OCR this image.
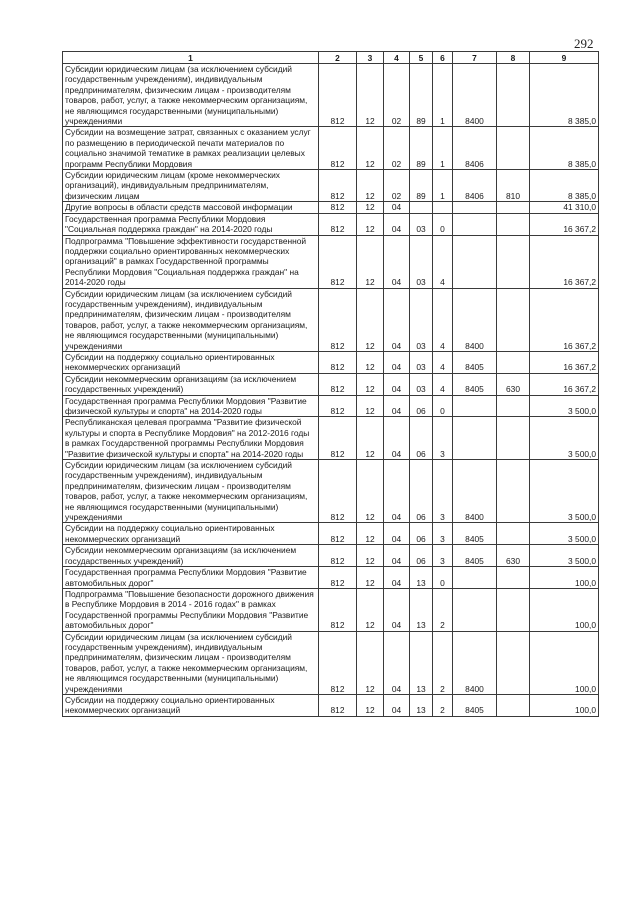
292
1	2	3	4	5	6	7	8	9
Субсидии юридическим лицам (за исключением субсидий государственным учреждениям), индивидуальным предпринимателям, физическим лицам - производителям товаров, работ, услуг, а также некоммерческим организациям, не являющимся государственными (муниципальными) учреждениями	812	12	02	89	1	8400		8 385,0
Субсидии на возмещение затрат, связанных с оказанием услуг по размещению в периодической печати материалов по социально значимой тематике в рамках реализации целевых программ Республики Мордовия	812	12	02	89	1	8406		8 385,0
Субсидии юридическим лицам (кроме некоммерческих организаций), индивидуальным предпринимателям, физическим лицам	812	12	02	89	1	8406	810	8 385,0
Другие вопросы в области средств массовой информации	812	12	04					41 310,0
Государственная программа Республики Мордовия "Социальная поддержка граждан" на 2014-2020 годы	812	12	04	03	0			16 367,2
Подпрограмма "Повышение эффективности государственной поддержки социально ориентированных некоммерческих организаций" в рамках Государственной программы Республики Мордовия "Социальная поддержка граждан" на 2014-2020 годы	812	12	04	03	4			16 367,2
Субсидии юридическим лицам (за исключением субсидий государственным учреждениям), индивидуальным предпринимателям, физическим лицам - производителям товаров, работ, услуг, а также некоммерческим организациям, не являющимся государственными (муниципальными) учреждениями	812	12	04	03	4	8400		16 367,2
Субсидии на поддержку социально ориентированных некоммерческих организаций	812	12	04	03	4	8405		16 367,2
Субсидии некоммерческим организациям (за исключением государственных учреждений)	812	12	04	03	4	8405	630	16 367,2
Государственная программа Республики Мордовия "Развитие физической культуры и спорта" на 2014-2020 годы	812	12	04	06	0			3 500,0
Республиканская целевая программа "Развитие физической культуры и спорта в Республике Мордовия" на 2012-2016 годы в рамках Государственной программы Республики Мордовия "Развитие физической культуры и спорта" на 2014-2020 годы	812	12	04	06	3			3 500,0
Субсидии юридическим лицам (за исключением субсидий государственным учреждениям), индивидуальным предпринимателям, физическим лицам - производителям товаров, работ, услуг, а также некоммерческим организациям, не являющимся государственными (муниципальными) учреждениями	812	12	04	06	3	8400		3 500,0
Субсидии на поддержку социально ориентированных некоммерческих организаций	812	12	04	06	3	8405		3 500,0
Субсидии некоммерческим организациям (за исключением государственных учреждений)	812	12	04	06	3	8405	630	3 500,0
Государственная программа Республики Мордовия "Развитие автомобильных дорог"	812	12	04	13	0			100,0
Подпрограмма "Повышение безопасности дорожного движения в Республике Мордовия в 2014 - 2016 годах" в рамках Государственной программы Республики Мордовия "Развитие автомобильных дорог"	812	12	04	13	2			100,0
Субсидии юридическим лицам (за исключением субсидий государственным учреждениям), индивидуальным предпринимателям, физическим лицам - производителям товаров, работ, услуг, а также некоммерческим организациям, не являющимся государственными (муниципальными) учреждениями	812	12	04	13	2	8400		100,0
Субсидии на поддержку социально ориентированных некоммерческих организаций	812	12	04	13	2	8405		100,0
